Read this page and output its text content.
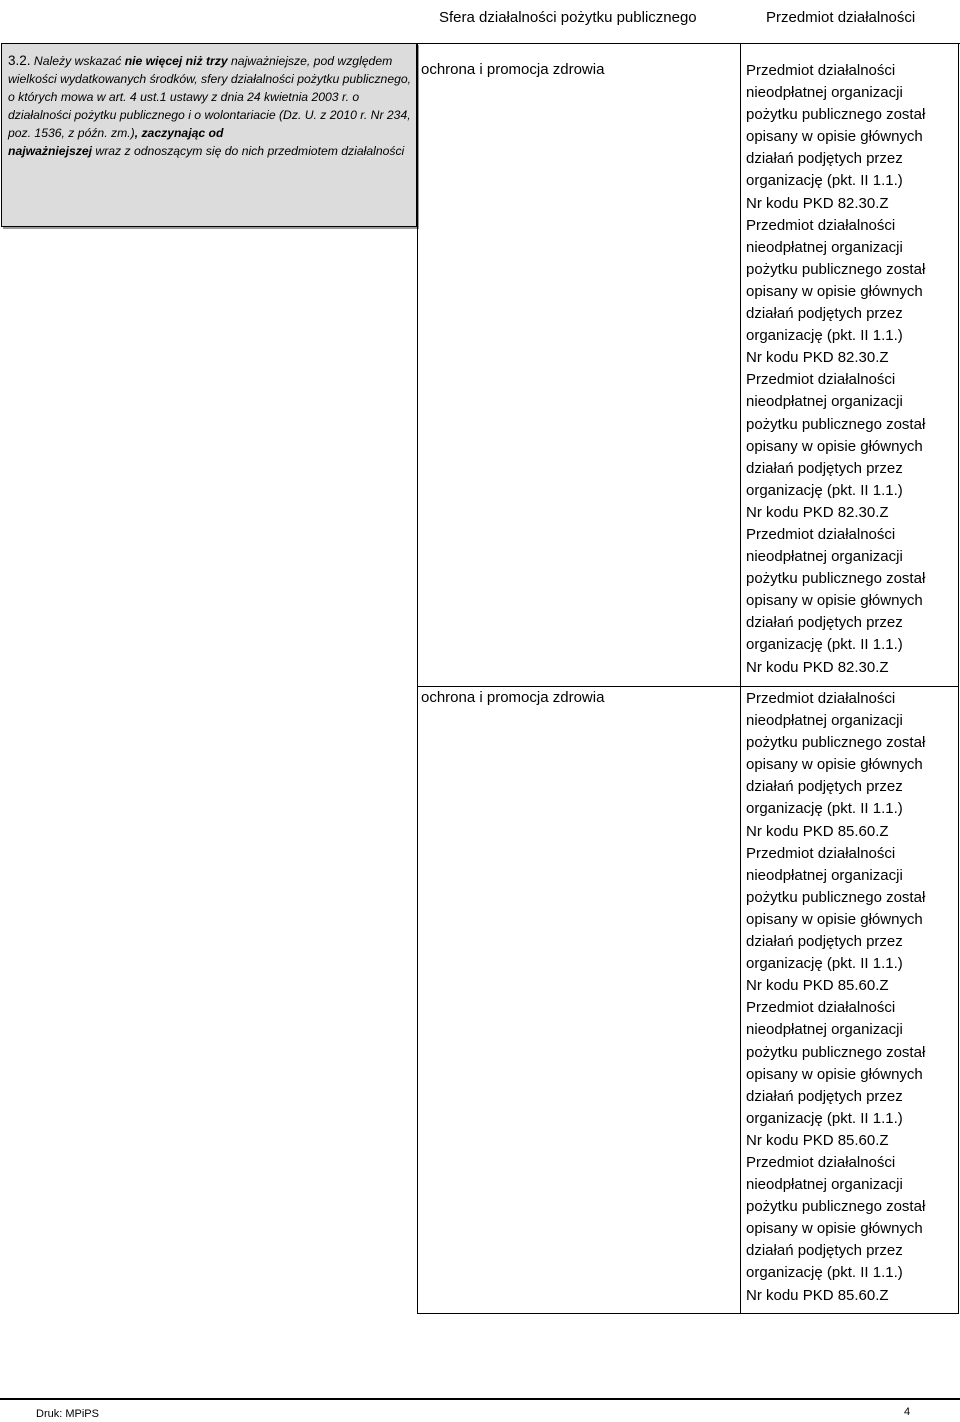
Sfera działalności pożytku publicznego	Przedmiot działalności
3.2. Należy wskazać nie więcej niż trzy najważniejsze, pod względem wielkości wydatkowanych środków, sfery działalności pożytku publicznego, o których mowa w art. 4 ust.1 ustawy z dnia 24 kwietnia 2003 r. o działalności pożytku publicznego i o wolontariacie (Dz. U. z 2010 r. Nr 234, poz. 1536, z późn. zm.), zaczynając od
najważniejszej wraz z odnoszącym się do nich przedmiotem działalności
ochrona i promocja zdrowia	Przedmiot działalności
nieodpłatnej organizacji
pożytku publicznego został
opisany w opisie głównych
działań podjętych przez
organizację (pkt. II 1.1.)
Nr kodu PKD 82.30.Z
Przedmiot działalności
nieodpłatnej organizacji
pożytku publicznego został
opisany w opisie głównych
działań podjętych przez
organizację (pkt. II 1.1.)
Nr kodu PKD 82.30.Z
Przedmiot działalności
nieodpłatnej organizacji
pożytku publicznego został
opisany w opisie głównych
działań podjętych przez
organizację (pkt. II 1.1.)
Nr kodu PKD 82.30.Z
Przedmiot działalności
nieodpłatnej organizacji
pożytku publicznego został
opisany w opisie głównych
działań podjętych przez
organizację (pkt. II 1.1.)
Nr kodu PKD 82.30.Z
ochrona i promocja zdrowia	Przedmiot działalności
nieodpłatnej organizacji
pożytku publicznego został
opisany w opisie głównych
działań podjętych przez
organizację (pkt. II 1.1.)
Nr kodu PKD 85.60.Z
Przedmiot działalności
nieodpłatnej organizacji
pożytku publicznego został
opisany w opisie głównych
działań podjętych przez
organizację (pkt. II 1.1.)
Nr kodu PKD 85.60.Z
Przedmiot działalności
nieodpłatnej organizacji
pożytku publicznego został
opisany w opisie głównych
działań podjętych przez
organizację (pkt. II 1.1.)
Nr kodu PKD 85.60.Z
Przedmiot działalności
nieodpłatnej organizacji
pożytku publicznego został
opisany w opisie głównych
działań podjętych przez
organizację (pkt. II 1.1.)
Nr kodu PKD 85.60.Z
Druk: MPiPS	4
